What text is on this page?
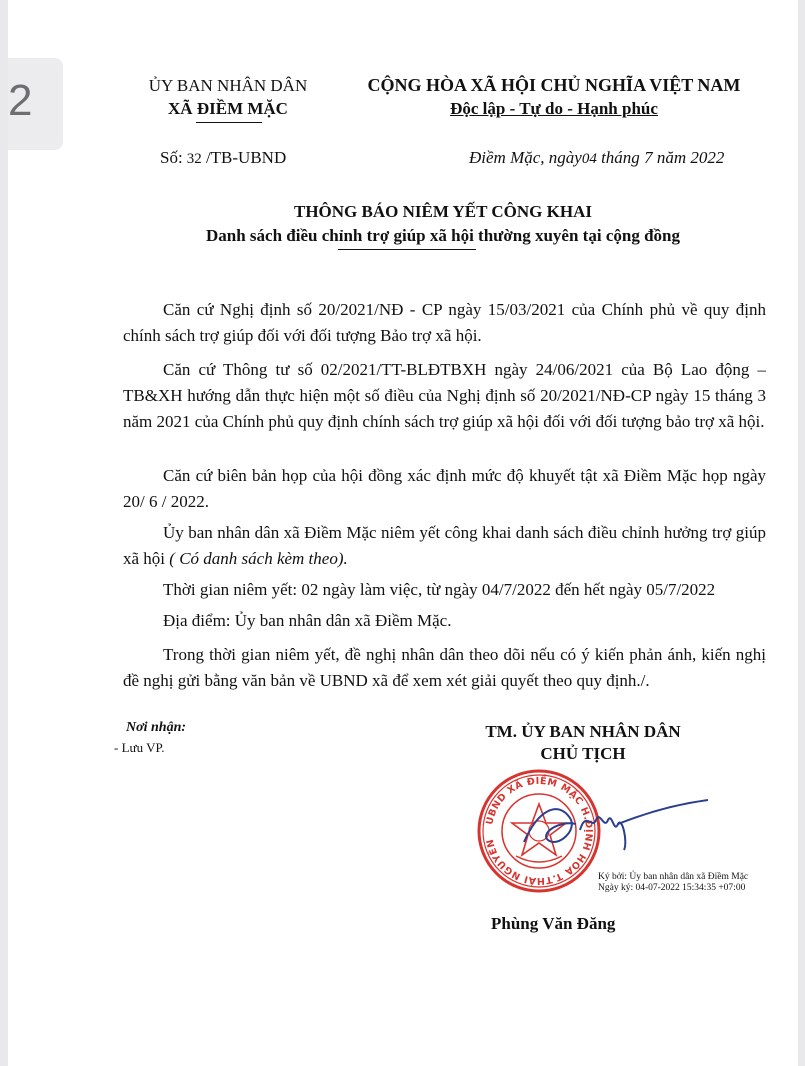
2	ỦY BAN NHÂN DÂN
XÃ ĐIỀM MẶC
CỘNG HÒA XÃ HỘI CHỦ NGHĨA VIỆT NAM
Độc lập - Tự do - Hạnh phúc
Số: 32 /TB-UBND	Điềm Mặc, ngày04 tháng 7 năm 2022
THÔNG BÁO NIÊM YẾT CÔNG KHAI
Danh sách điều chỉnh trợ giúp xã hội thường xuyên tại cộng đồng
Căn cứ Nghị định số 20/2021/NĐ - CP ngày 15/03/2021 của Chính phủ về quy định chính sách trợ giúp đối với đối tượng Bảo trợ xã hội.
Căn cứ Thông tư số 02/2021/TT-BLĐTBXH ngày 24/06/2021 của Bộ Lao động – TB&XH hướng dẫn thực hiện một số điều của Nghị định số 20/2021/NĐ-CP ngày 15 tháng 3 năm 2021 của Chính phủ quy định chính sách trợ giúp xã hội đối với đối tượng bảo trợ xã hội.
Căn cứ biên bản họp của hội đồng xác định mức độ khuyết tật xã Điềm Mặc họp ngày 20/ 6 / 2022.
Ủy ban nhân dân xã Điềm Mặc niêm yết công khai danh sách điều chỉnh hưởng trợ giúp xã hội ( Có danh sách kèm theo).
Thời gian niêm yết: 02 ngày làm việc, từ ngày 04/7/2022 đến hết ngày 05/7/2022
Địa điểm: Ủy ban nhân dân xã Điềm Mặc.
Trong thời gian niêm yết, đề nghị nhân dân theo dõi nếu có ý kiến phản ánh, kiến nghị đề nghị gửi bằng văn bản về UBND xã để xem xét giải quyết theo quy định./.
Nơi nhận:
- Lưu VP.
TM. ỦY BAN NHÂN DÂN
CHỦ TỊCH
UBND XÃ ĐIỀM MẶC H.ĐỊNH HÓA T.THÁI NGUYÊN
Ký bởi: Ủy ban nhân dân xã Điềm Mặc
Ngày ký: 04-07-2022 15:34:35 +07:00
Phùng Văn Đăng
